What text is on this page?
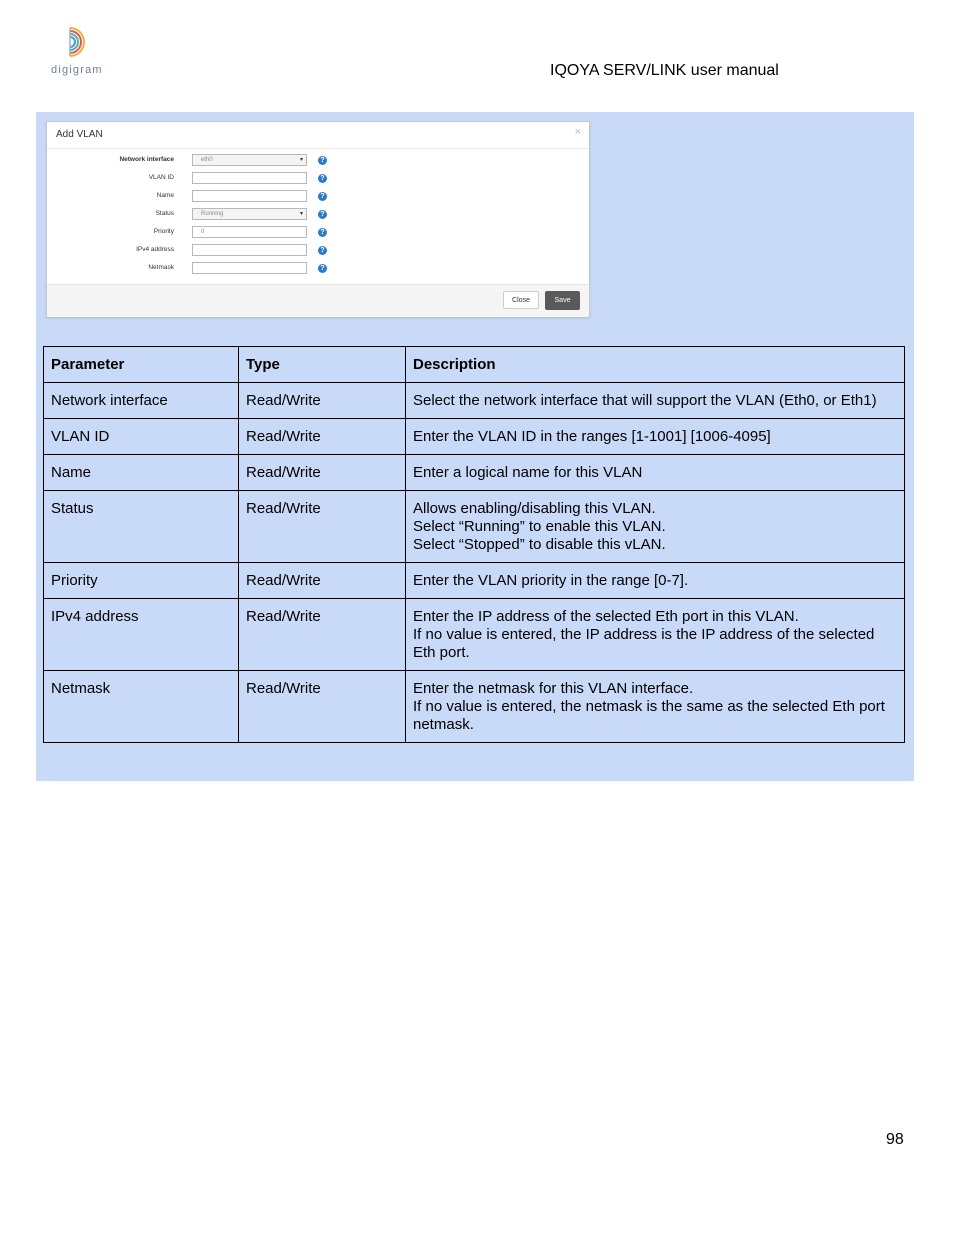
digigram	IQOYA SERV/LINK user manual
Add VLAN	×
Network interface	eth0	▾	?
VLAN ID	?
Name	?
Status	Running	▾	?
Priority	0	?
IPv4 address	?
Netmask	?
Close	Save
Parameter	Type	Description
Network interface	Read/Write	Select the network interface that will support the VLAN (Eth0, or Eth1)

VLAN ID	Read/Write	Enter the VLAN ID in the ranges [1-1001] [1006-4095]

Name	Read/Write	Enter a logical name for this VLAN

Status	Read/Write	Allows enabling/disabling this VLAN.
Select “Running” to enable this VLAN.
Select “Stopped” to disable this vLAN.

Priority	Read/Write	Enter the VLAN priority in the range [0-7].

IPv4 address	Read/Write	Enter the IP address of the selected Eth port in this VLAN.
If no value is entered, the IP address is the IP address of the selected Eth port.

Netmask	Read/Write	Enter the netmask for this VLAN interface.
If no value is entered, the netmask is the same as the selected Eth port netmask.
98
